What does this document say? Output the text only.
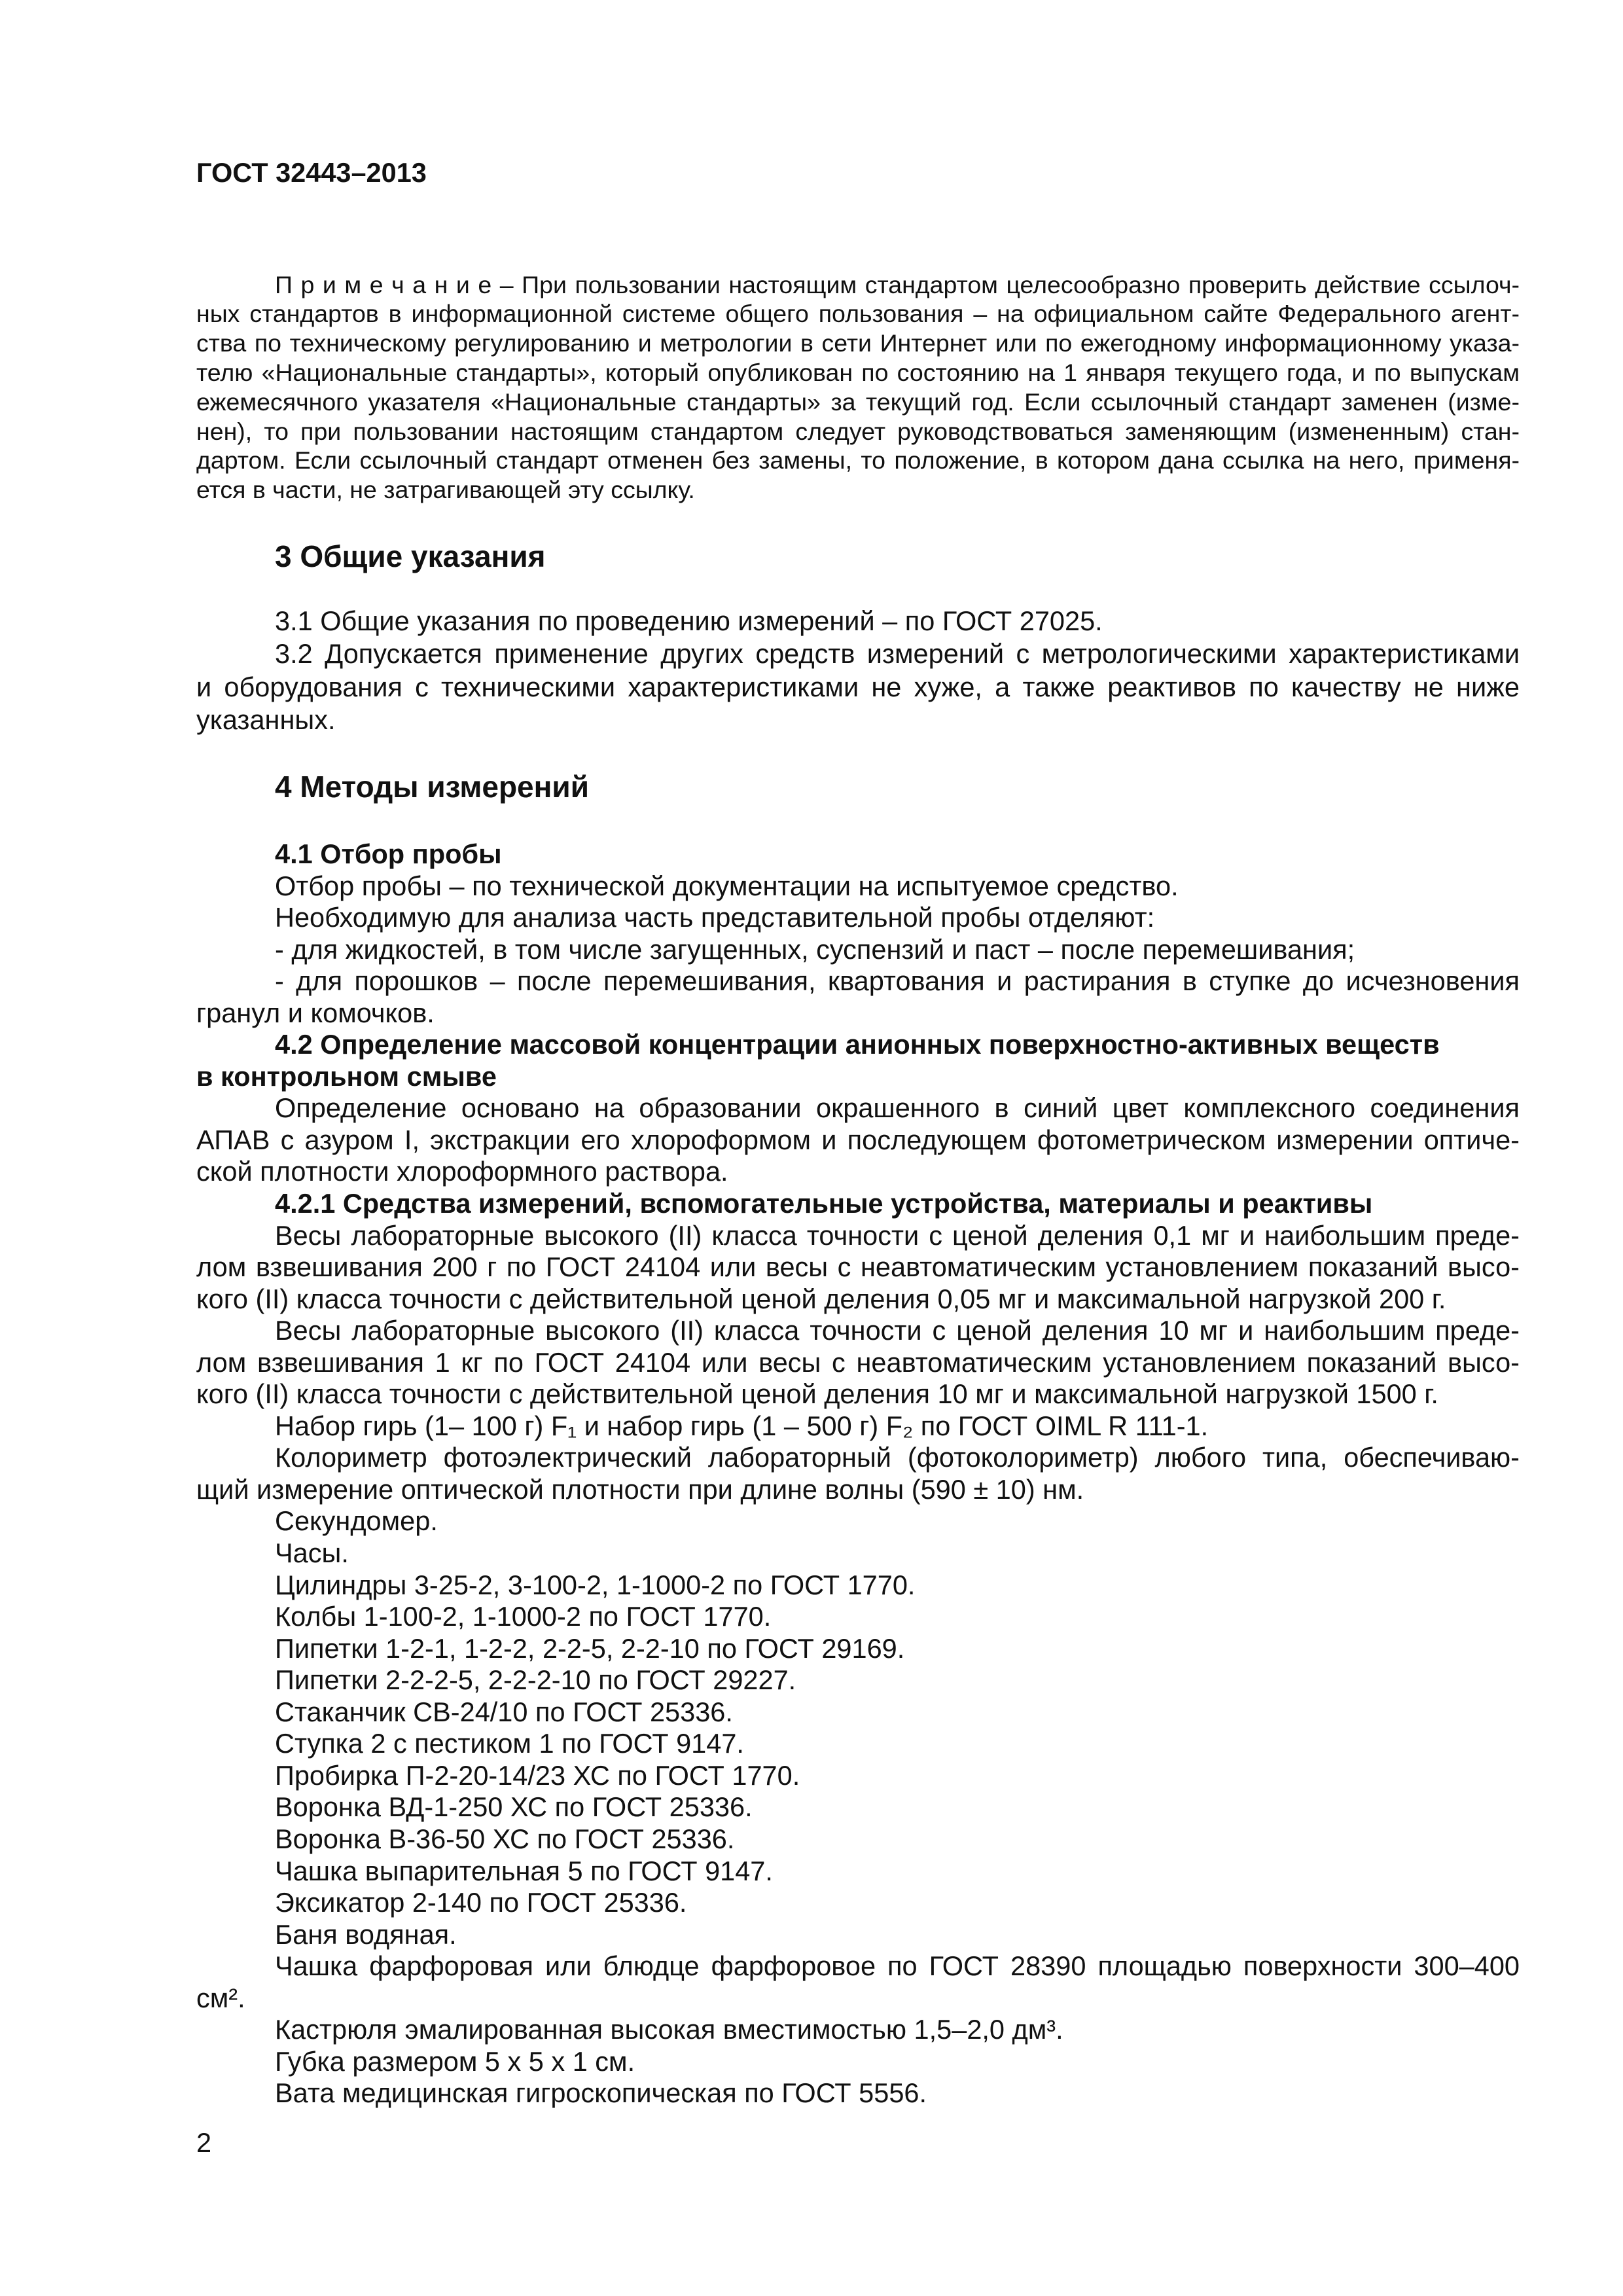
ГОСТ 32443–2013
П р и м е ч а н и е – При пользовании настоящим стандартом целесообразно проверить действие ссылоч-
ных стандартов в информационной системе общего пользования – на официальном сайте Федерального агент-
ства по техническому регулированию и метрологии в сети Интернет или по ежегодному информационному указа-
телю «Национальные стандарты», который опубликован по состоянию на 1 января текущего года, и по выпускам
ежемесячного указателя «Национальные стандарты» за текущий год. Если ссылочный стандарт заменен (изме-
нен), то при пользовании настоящим стандартом следует руководствоваться заменяющим (измененным) стан-
дартом. Если ссылочный стандарт отменен без замены, то положение, в котором дана ссылка на него, применя-
ется в части, не затрагивающей эту ссылку.
3 Общие указания
3.1 Общие указания по проведению измерений – по ГОСТ 27025.
3.2 Допускается применение других средств измерений с метрологическими характеристиками
и оборудования с техническими характеристиками не хуже, а также реактивов по качеству не ниже
указанных.
4 Методы измерений
4.1 Отбор пробы
Отбор пробы – по технической документации на испытуемое средство.
Необходимую для анализа часть представительной пробы отделяют:
- для жидкостей, в том числе загущенных, суспензий и паст – после перемешивания;
- для порошков – после перемешивания, квартования и растирания в ступке до исчезновения
гранул и комочков.
4.2 Определение массовой концентрации анионных поверхностно-активных веществ
в контрольном смыве
Определение основано на образовании окрашенного в синий цвет комплексного соединения
АПАВ с азуром I, экстракции его хлороформом и последующем фотометрическом измерении оптиче-
ской плотности хлороформного раствора.
4.2.1 Средства измерений, вспомогательные устройства, материалы и реактивы
Весы лабораторные высокого (II) класса точности с ценой деления 0,1 мг и наибольшим преде-
лом взвешивания 200 г по ГОСТ 24104 или весы с неавтоматическим установлением показаний высо-
кого (II) класса точности с действительной ценой деления 0,05 мг и максимальной нагрузкой 200 г.
Весы лабораторные высокого (II) класса точности с ценой деления 10 мг и наибольшим преде-
лом взвешивания 1 кг по ГОСТ 24104 или весы с неавтоматическим установлением показаний высо-
кого (II) класса точности с действительной ценой деления 10 мг и максимальной нагрузкой 1500 г.
Набор гирь (1– 100 г) F₁ и набор гирь (1 – 500 г) F₂ по ГОСТ OIML R 111-1.
Колориметр фотоэлектрический лабораторный (фотоколориметр) любого типа, обеспечиваю-
щий измерение оптической плотности при длине волны (590 ± 10) нм.
Секундомер.
Часы.
Цилиндры 3-25-2, 3-100-2, 1-1000-2 по ГОСТ 1770.
Колбы 1-100-2, 1-1000-2 по ГОСТ 1770.
Пипетки 1-2-1, 1-2-2, 2-2-5, 2-2-10 по ГОСТ 29169.
Пипетки 2-2-2-5, 2-2-2-10 по ГОСТ 29227.
Стаканчик СВ-24/10 по ГОСТ 25336.
Ступка 2 с пестиком 1 по ГОСТ 9147.
Пробирка П-2-20-14/23 ХС по ГОСТ 1770.
Воронка ВД-1-250 ХС по ГОСТ 25336.
Воронка В-36-50 ХС по ГОСТ 25336.
Чашка выпарительная 5 по ГОСТ 9147.
Эксикатор 2-140 по ГОСТ 25336.
Баня водяная.
Чашка фарфоровая или блюдце фарфоровое по ГОСТ 28390 площадью поверхности 300–400
см².
Кастрюля эмалированная высокая вместимостью 1,5–2,0 дм³.
Губка размером 5 х 5 х 1 см.
Вата медицинская гигроскопическая по ГОСТ 5556.
2
